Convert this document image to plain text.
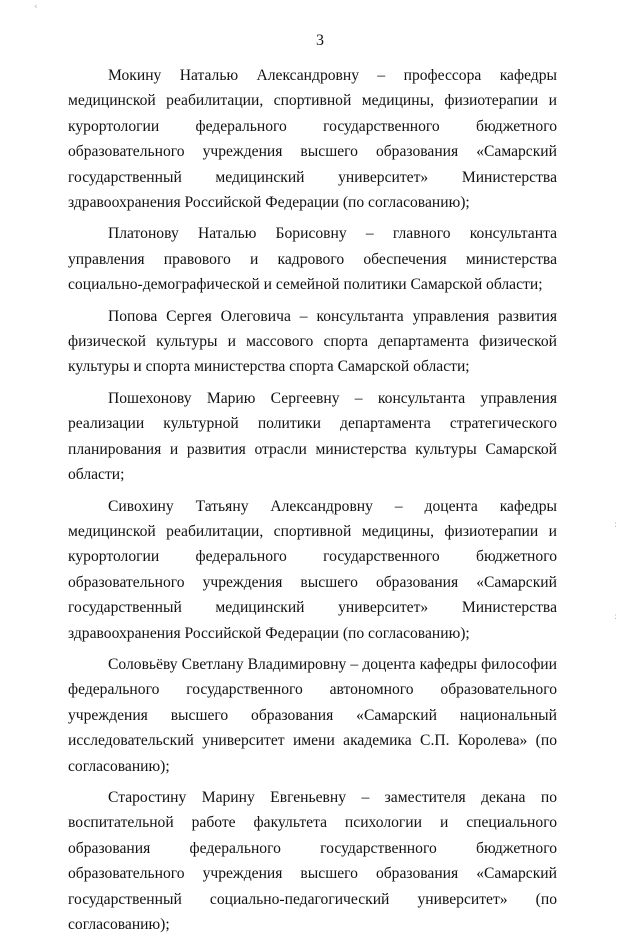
‹
:
:
3

Мокину Наталью Александровну – профессора кафедры медицинской реабилитации, спортивной медицины, физиотерапии и курортологии федерального государственного бюджетного образовательного учреждения высшего образования «Самарский государственный медицинский университет» Министерства здравоохранения Российской Федерации (по согласованию);

Платонову Наталью Борисовну – главного консультанта управления правового и кадрового обеспечения министерства социально-демографической и семейной политики Самарской области;

Попова Сергея Олеговича – консультанта управления развития физической культуры и массового спорта департамента физической культуры и спорта министерства спорта Самарской области;

Пошехонову Марию Сергеевну – консультанта управления реализации культурной политики департамента стратегического планирования и развития отрасли министерства культуры Самарской области;

Сивохину Татьяну Александровну – доцента кафедры медицинской реабилитации, спортивной медицины, физиотерапии и курортологии федерального государственного бюджетного образовательного учреждения высшего образования «Самарский государственный медицинский университет» Министерства здравоохранения Российской Федерации (по согласованию);

Соловьёву Светлану Владимировну – доцента кафедры философии федерального государственного автономного образовательного учреждения высшего образования «Самарский национальный исследовательский университет имени академика С.П. Королева» (по согласованию);

Старостину Марину Евгеньевну – заместителя декана по воспитательной работе факультета психологии и специального образования федерального государственного бюджетного образовательного учреждения высшего образования «Самарский государственный социально-педагогический университет» (по согласованию);
